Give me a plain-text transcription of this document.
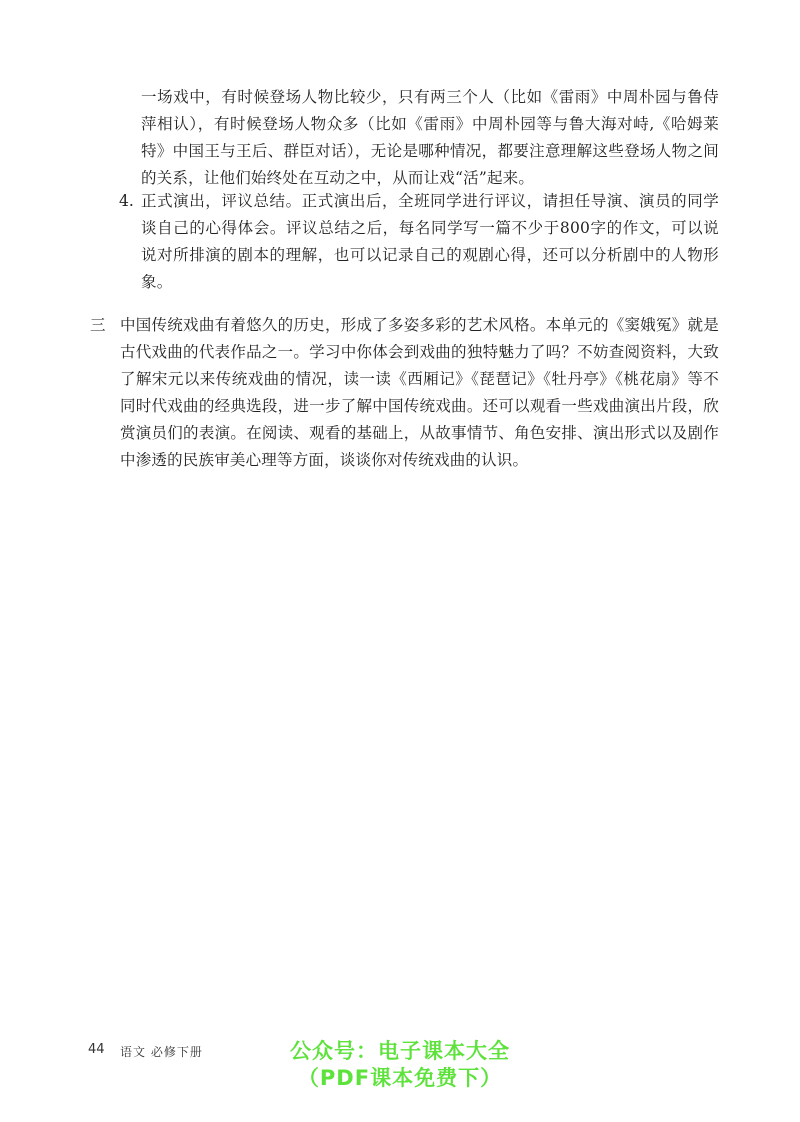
一场戏中，有时候登场人物比较少，只有两三个人（比如《雷雨》中周朴园与鲁侍萍相认），有时候登场人物众多（比如《雷雨》中周朴园等与鲁大海对峙,《哈姆莱特》中国王与王后、群臣对话），无论是哪种情况，都要注意理解这些登场人物之间的关系，让他们始终处在互动之中，从而让戏“活”起来。
4. 正式演出，评议总结。正式演出后，全班同学进行评议，请担任导演、演员的同学谈自己的心得体会。评议总结之后，每名同学写一篇不少于800字的作文，可以说说对所排演的剧本的理解，也可以记录自己的观剧心得，还可以分析剧中的人物形象。
三 中国传统戏曲有着悠久的历史，形成了多姿多彩的艺术风格。本单元的《窦娥冤》就是古代戏曲的代表作品之一。学习中你体会到戏曲的独特魅力了吗？不妨查阅资料，大致了解宋元以来传统戏曲的情况，读一读《西厢记》《琵琶记》《牡丹亭》《桃花扇》等不同时代戏曲的经典选段，进一步了解中国传统戏曲。还可以观看一些戏曲演出片段，欣赏演员们的表演。在阅读、观看的基础上，从故事情节、角色安排、演出形式以及剧作中渗透的民族审美心理等方面，谈谈你对传统戏曲的认识。
44 语文 必修下册	公众号：电子课本大全
（PDF课本免费下）
